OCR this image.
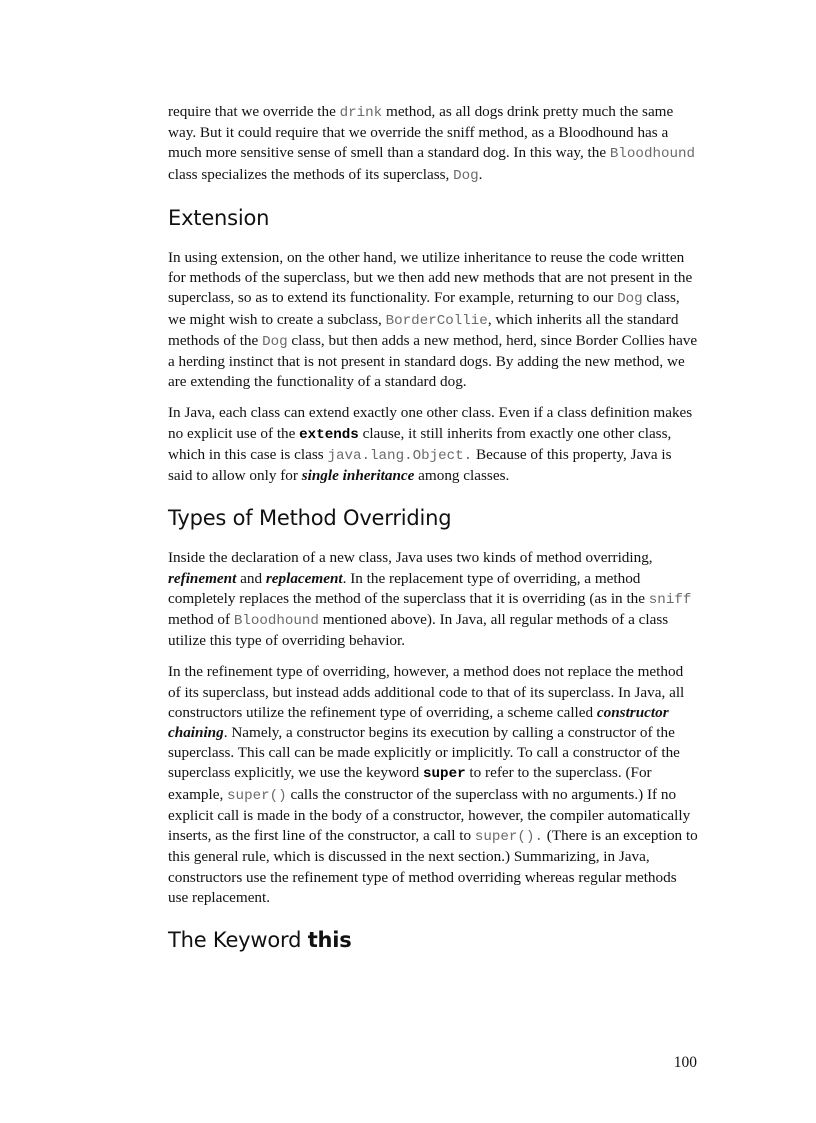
require that we override the drink method, as all dogs drink pretty much the same way. But it could require that we override the sniff method, as a Bloodhound has a much more sensitive sense of smell than a standard dog. In this way, the Bloodhound class specializes the methods of its superclass, Dog.

Extension

In using extension, on the other hand, we utilize inheritance to reuse the code written for methods of the superclass, but we then add new methods that are not present in the superclass, so as to extend its functionality. For example, returning to our Dog class, we might wish to create a subclass, BorderCollie, which inherits all the standard methods of the Dog class, but then adds a new method, herd, since Border Collies have a herding instinct that is not present in standard dogs. By adding the new method, we are extending the functionality of a standard dog.

In Java, each class can extend exactly one other class. Even if a class definition makes no explicit use of the extends clause, it still inherits from exactly one other class, which in this case is class java.lang.Object. Because of this property, Java is said to allow only for single inheritance among classes.

Types of Method Overriding

Inside the declaration of a new class, Java uses two kinds of method overriding, refinement and replacement. In the replacement type of overriding, a method completely replaces the method of the superclass that it is overriding (as in the sniff method of Bloodhound mentioned above). In Java, all regular methods of a class utilize this type of overriding behavior.

In the refinement type of overriding, however, a method does not replace the method of its superclass, but instead adds additional code to that of its superclass. In Java, all constructors utilize the refinement type of overriding, a scheme called constructor chaining. Namely, a constructor begins its execution by calling a constructor of the superclass. This call can be made explicitly or implicitly. To call a constructor of the superclass explicitly, we use the keyword super to refer to the superclass. (For example, super() calls the constructor of the superclass with no arguments.) If no explicit call is made in the body of a constructor, however, the compiler automatically inserts, as the first line of the constructor, a call to super(). (There is an exception to this general rule, which is discussed in the next section.) Summarizing, in Java, constructors use the refinement type of method overriding whereas regular methods use replacement.

The Keyword this
100
